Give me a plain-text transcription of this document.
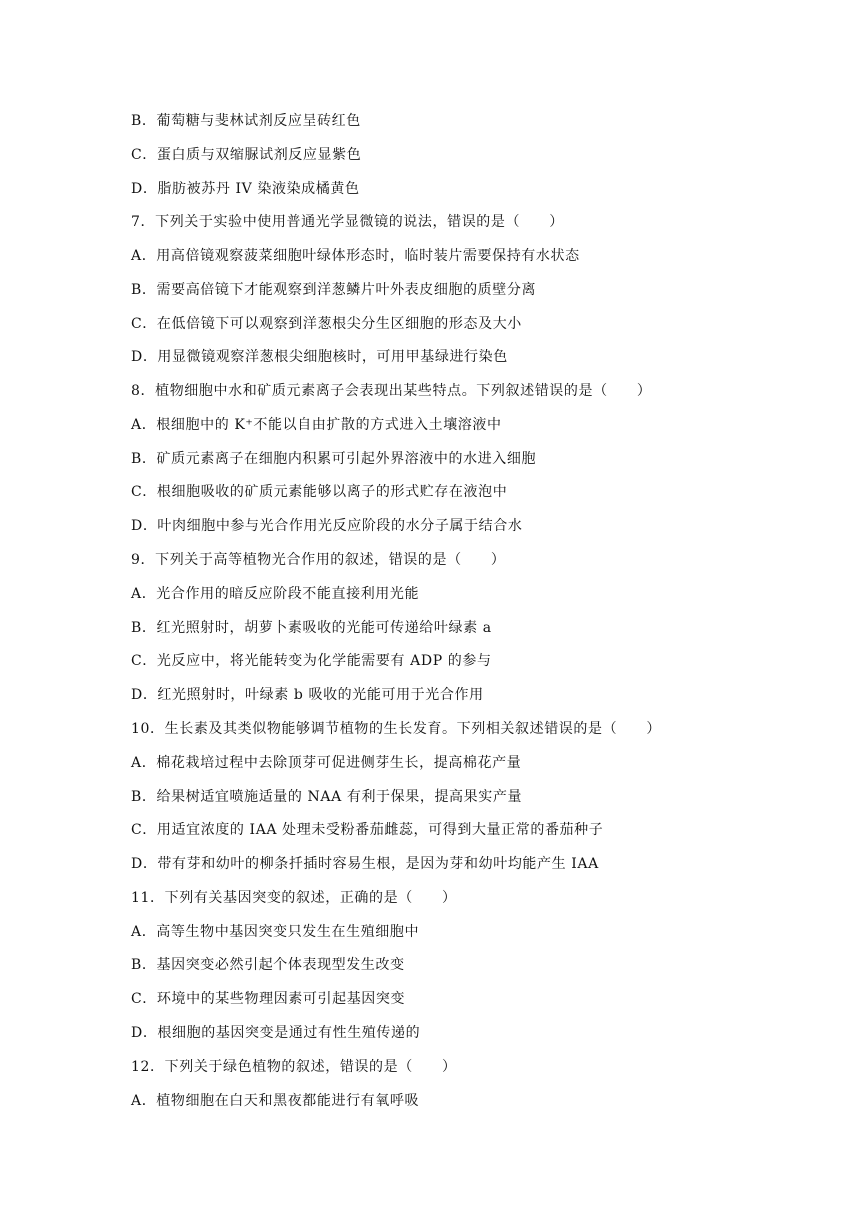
B．葡萄糖与斐林试剂反应呈砖红色
C．蛋白质与双缩脲试剂反应显紫色
D．脂肪被苏丹 IV 染液染成橘黄色
7．下列关于实验中使用普通光学显微镜的说法，错误的是（　　）
A．用高倍镜观察菠菜细胞叶绿体形态时，临时装片需要保持有水状态
B．需要高倍镜下才能观察到洋葱鳞片叶外表皮细胞的质壁分离
C．在低倍镜下可以观察到洋葱根尖分生区细胞的形态及大小
D．用显微镜观察洋葱根尖细胞核时，可用甲基绿进行染色
8．植物细胞中水和矿质元素离子会表现出某些特点。下列叙述错误的是（　　）
A．根细胞中的 K⁺不能以自由扩散的方式进入土壤溶液中
B．矿质元素离子在细胞内积累可引起外界溶液中的水进入细胞
C．根细胞吸收的矿质元素能够以离子的形式贮存在液泡中
D．叶肉细胞中参与光合作用光反应阶段的水分子属于结合水
9．下列关于高等植物光合作用的叙述，错误的是（　　）
A．光合作用的暗反应阶段不能直接利用光能
B．红光照射时，胡萝卜素吸收的光能可传递给叶绿素 a
C．光反应中，将光能转变为化学能需要有 ADP 的参与
D．红光照射时，叶绿素 b 吸收的光能可用于光合作用
10．生长素及其类似物能够调节植物的生长发育。下列相关叙述错误的是（　　）
A．棉花栽培过程中去除顶芽可促进侧芽生长，提高棉花产量
B．给果树适宜喷施适量的 NAA 有利于保果，提高果实产量
C．用适宜浓度的 IAA 处理未受粉番茄雌蕊，可得到大量正常的番茄种子
D．带有芽和幼叶的柳条扦插时容易生根，是因为芽和幼叶均能产生 IAA
11．下列有关基因突变的叙述，正确的是（　　）
A．高等生物中基因突变只发生在生殖细胞中
B．基因突变必然引起个体表现型发生改变
C．环境中的某些物理因素可引起基因突变
D．根细胞的基因突变是通过有性生殖传递的
12．下列关于绿色植物的叙述，错误的是（　　）
A．植物细胞在白天和黑夜都能进行有氧呼吸
